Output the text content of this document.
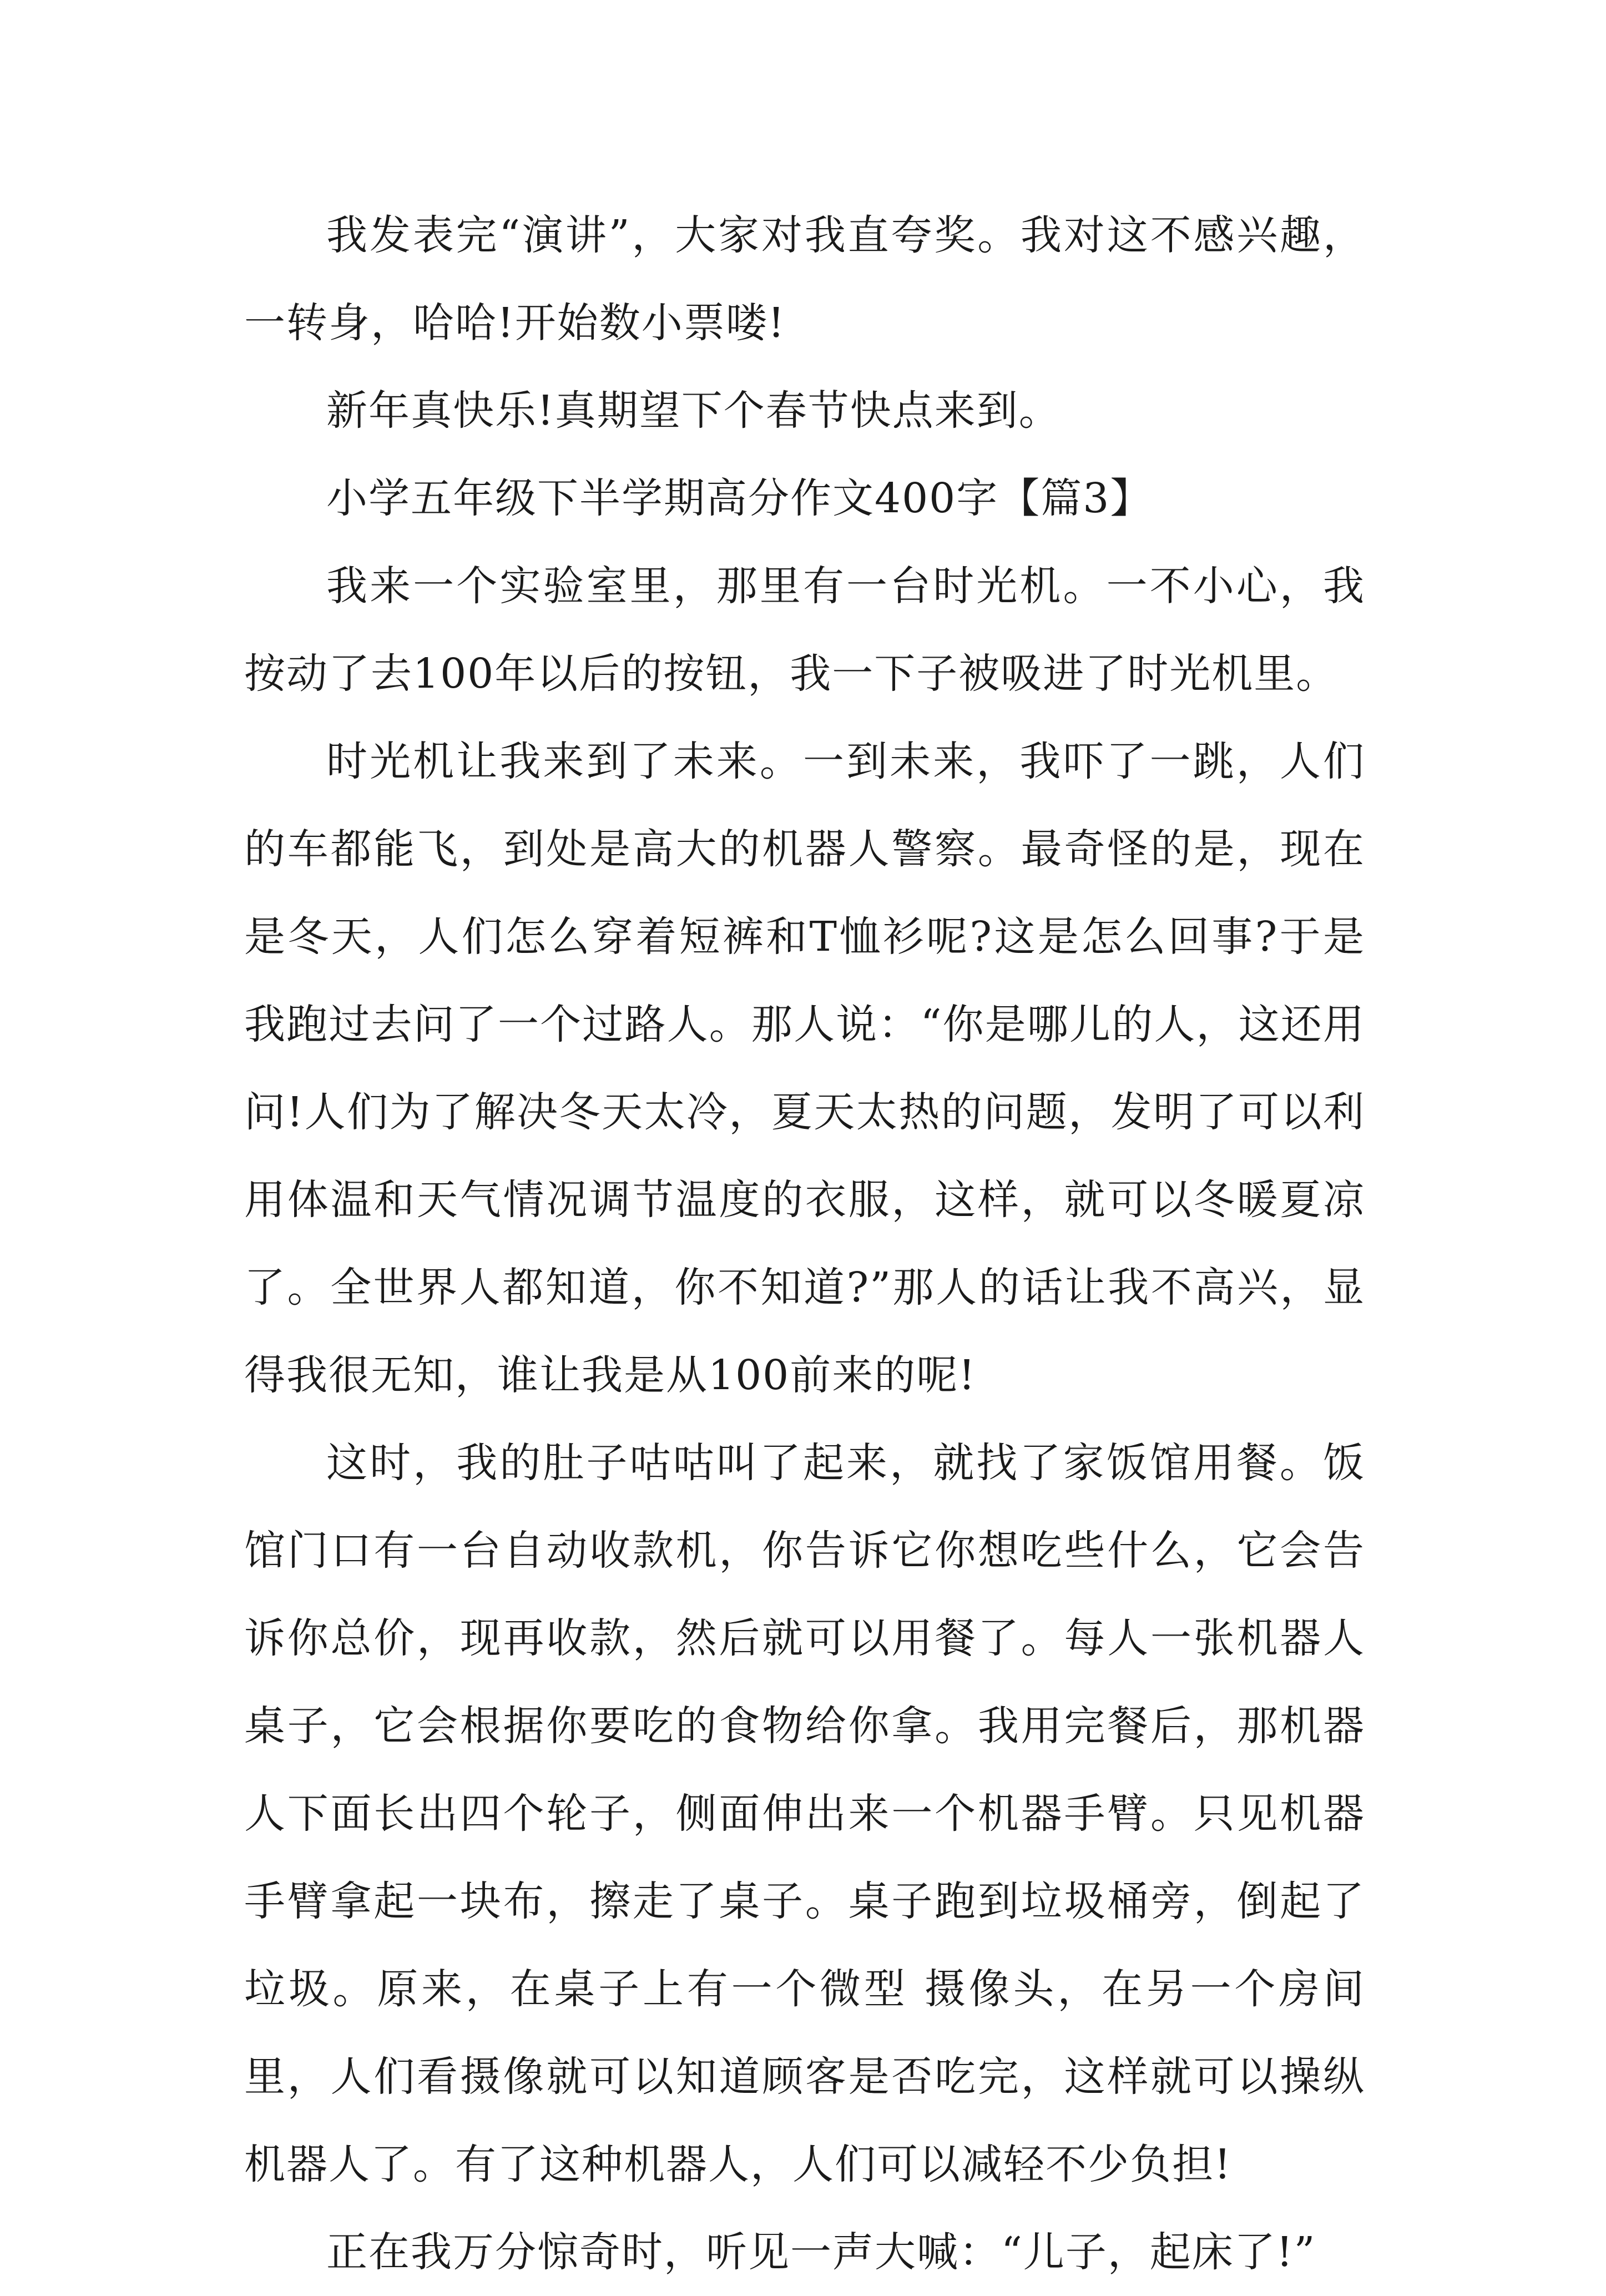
我发表完“演讲”，大家对我直夸奖。我对这不感兴趣，一转身，哈哈!开始数小票喽!

新年真快乐!真期望下个春节快点来到。

小学五年级下半学期高分作文400字【篇3】

我来一个实验室里，那里有一台时光机。一不小心，我按动了去100年以后的按钮，我一下子被吸进了时光机里。

时光机让我来到了未来。一到未来，我吓了一跳，人们的车都能飞，到处是高大的机器人警察。最奇怪的是，现在是冬天，人们怎么穿着短裤和T恤衫呢?这是怎么回事?于是我跑过去问了一个过路人。那人说：“你是哪儿的人，这还用问!人们为了解决冬天太冷，夏天太热的问题，发明了可以利用体温和天气情况调节温度的衣服，这样，就可以冬暖夏凉了。全世界人都知道，你不知道?”那人的话让我不高兴，显得我很无知，谁让我是从100前来的呢!

这时，我的肚子咕咕叫了起来，就找了家饭馆用餐。饭馆门口有一台自动收款机，你告诉它你想吃些什么，它会告诉你总价，现再收款，然后就可以用餐了。每人一张机器人桌子，它会根据你要吃的食物给你拿。我用完餐后，那机器人下面长出四个轮子，侧面伸出来一个机器手臂。只见机器手臂拿起一块布，擦走了桌子。桌子跑到垃圾桶旁，倒起了垃圾。原来，在桌子上有一个微型 摄像头，在另一个房间里，人们看摄像就可以知道顾客是否吃完，这样就可以操纵机器人了。有了这种机器人，人们可以减轻不少负担!

正在我万分惊奇时，听见一声大喊：“儿子，起床了!”
